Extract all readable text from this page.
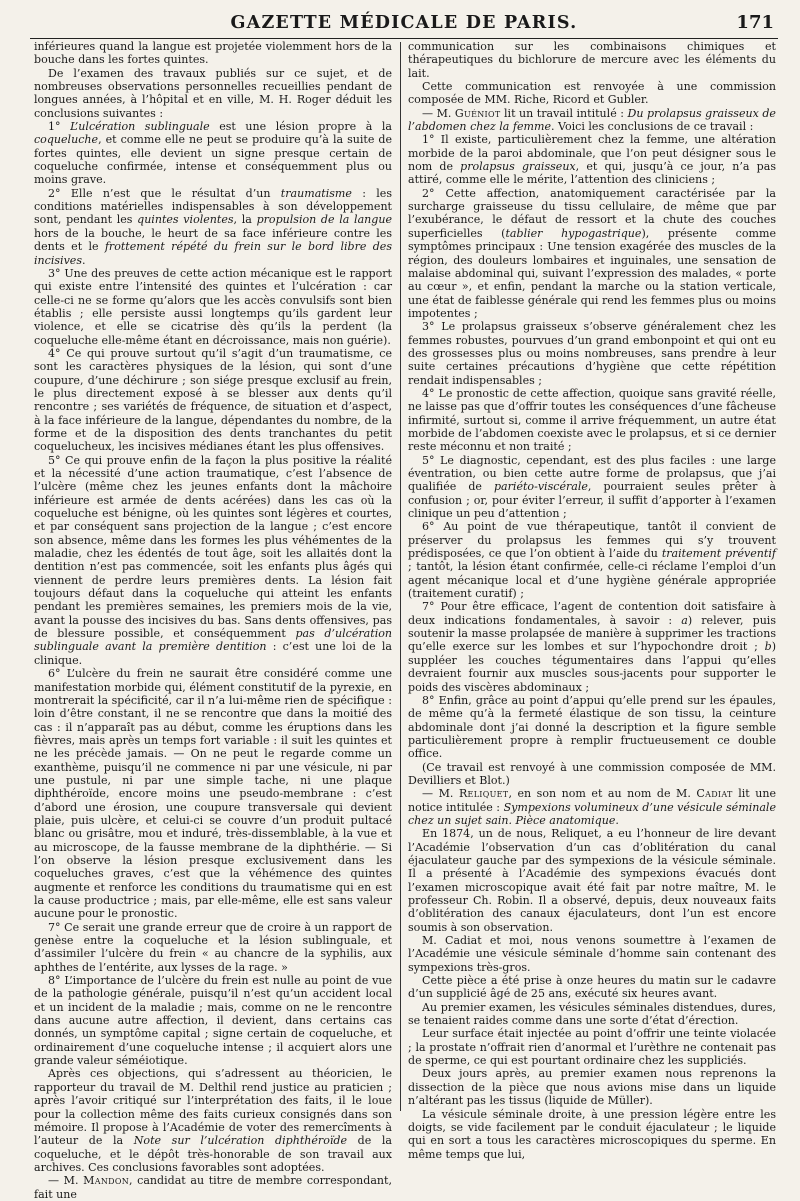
GAZETTE MÉDICALE DE PARIS.	171

inférieures quand la langue est projetée violemment hors de la bouche dans les fortes quintes.

De l’examen des travaux publiés sur ce sujet, et de nombreuses observations personnelles recueillies pendant de longues années, à l’hôpital et en ville, M. H. Roger déduit les conclusions suivantes :

1° L’ulcération sublinguale est une lésion propre à la coqueluche, et comme elle ne peut se produire qu’à la suite de fortes quintes, elle devient un signe presque certain de coqueluche confirmée, intense et conséquemment plus ou moins grave.

2° Elle n’est que le résultat d’un traumatisme : les conditions matérielles indispensables à son développement sont, pendant les quintes violentes, la propulsion de la langue hors de la bouche, le heurt de sa face inférieure contre les dents et le frottement répété du frein sur le bord libre des incisives.

3° Une des preuves de cette action mécanique est le rapport qui existe entre l’intensité des quintes et l’ulcération : car celle-ci ne se forme qu’alors que les accès convulsifs sont bien établis ; elle persiste aussi longtemps qu’ils gardent leur violence, et elle se cicatrise dès qu’ils la perdent (la coqueluche elle-même étant en décroissance, mais non guérie).

4° Ce qui prouve surtout qu’il s’agit d’un traumatisme, ce sont les caractères physiques de la lésion, qui sont d’une coupure, d’une déchirure ; son siége presque exclusif au frein, le plus directement exposé à se blesser aux dents qu’il rencontre ; ses variétés de fréquence, de situation et d’aspect, à la face inférieure de la langue, dépendantes du nombre, de la forme et de la disposition des dents tranchantes du petit coquelucheux, les incisives médianes étant les plus offensives.

5° Ce qui prouve enfin de la façon la plus positive la réalité et la nécessité d’une action traumatique, c’est l’absence de l’ulcère (même chez les jeunes enfants dont la mâchoire inférieure est armée de dents acérées) dans les cas où la coqueluche est bénigne, où les quintes sont légères et courtes, et par conséquent sans projection de la langue ; c’est encore son absence, même dans les formes les plus véhémentes de la maladie, chez les édentés de tout âge, soit les allaités dont la dentition n’est pas commencée, soit les enfants plus âgés qui viennent de perdre leurs premières dents. La lésion fait toujours défaut dans la coqueluche qui atteint les enfants pendant les premières semaines, les premiers mois de la vie, avant la pousse des incisives du bas. Sans dents offensives, pas de blessure possible, et conséquemment pas d’ulcération sublinguale avant la première dentition : c’est une loi de la clinique.

6° L’ulcère du frein ne saurait être considéré comme une manifestation morbide qui, élément constitutif de la pyrexie, en montrerait la spécificité, car il n’a lui-même rien de spécifique : loin d’être constant, il ne se rencontre que dans la moitié des cas : il n’apparaît pas au début, comme les éruptions dans les fièvres, mais après un temps fort variable : il suit les quintes et ne les précède jamais. — On ne peut le regarde comme un exanthème, puisqu’il ne commence ni par une vésicule, ni par une pustule, ni par une simple tache, ni une plaque diphthéroïde, encore moins une pseudo-membrane : c’est d’abord une érosion, une coupure transversale qui devient plaie, puis ulcère, et celui-ci se couvre d’un produit pultacé blanc ou grisâtre, mou et induré, très-dissemblable, à la vue et au microscope, de la fausse membrane de la diphthérie. — Si l’on observe la lésion presque exclusivement dans les coqueluches graves, c’est que la véhémence des quintes augmente et renforce les conditions du traumatisme qui en est la cause productrice ; mais, par elle-même, elle est sans valeur aucune pour le pronostic.

7° Ce serait une grande erreur que de croire à un rapport de genèse entre la coqueluche et la lésion sublinguale, et d’assimiler l’ulcère du frein « au chancre de la syphilis, aux aphthes de l’entérite, aux lysses de la rage. »

8° L’importance de l’ulcère du frein est nulle au point de vue de la pathologie générale, puisqu’il n’est qu’un accident local et un incident de la maladie ; mais, comme on ne le rencontre dans aucune autre affection, il devient, dans certains cas donnés, un symptôme capital ; signe certain de coqueluche, et ordinairement d’une coqueluche intense ; il acquiert alors une grande valeur séméiotique.

Après ces objections, qui s’adressent au théoricien, le rapporteur du travail de M. Delthil rend justice au praticien ; après l’avoir critiqué sur l’interprétation des faits, il le loue pour la collection même des faits curieux consignés dans son mémoire. Il propose à l’Académie de voter des remercîments à l’auteur de la Note sur l’ulcération diphthéroïde de la coqueluche, et le dépôt très-honorable de son travail aux archives. Ces conclusions favorables sont adoptées.

— M. Mandon, candidat au titre de membre correspondant, fait une

communication sur les combinaisons chimiques et thérapeutiques du bichlorure de mercure avec les éléments du lait.

Cette communication est renvoyée à une commission composée de MM. Riche, Ricord et Gubler.

— M. Guéniot lit un travail intitulé : Du prolapsus graisseux de l’abdomen chez la femme. Voici les conclusions de ce travail :

1° Il existe, particulièrement chez la femme, une altération morbide de la paroi abdominale, que l’on peut désigner sous le nom de prolapsus graisseux, et qui, jusqu’à ce jour, n’a pas attiré, comme elle le mérite, l’attention des cliniciens ;

2° Cette affection, anatomiquement caractérisée par la surcharge graisseuse du tissu cellulaire, de même que par l’exubérance, le défaut de ressort et la chute des couches superficielles (tablier hypogastrique), présente comme symptômes principaux : Une tension exagérée des muscles de la région, des douleurs lombaires et inguinales, une sensation de malaise abdominal qui, suivant l’expression des malades, « porte au cœur », et enfin, pendant la marche ou la station verticale, une état de faiblesse générale qui rend les femmes plus ou moins impotentes ;

3° Le prolapsus graisseux s’observe généralement chez les femmes robustes, pourvues d’un grand embonpoint et qui ont eu des grossesses plus ou moins nombreuses, sans prendre à leur suite certaines précautions d’hygiène que cette répétition rendait indispensables ;

4° Le pronostic de cette affection, quoique sans gravité réelle, ne laisse pas que d’offrir toutes les conséquences d’une fâcheuse infirmité, surtout si, comme il arrive fréquemment, un autre état morbide de l’abdomen coexiste avec le prolapsus, et si ce dernier reste méconnu et non traité ;

5° Le diagnostic, cependant, est des plus faciles : une large éventration, ou bien cette autre forme de prolapsus, que j’ai qualifiée de pariéto-viscérale, pourraient seules prêter à confusion ; or, pour éviter l’erreur, il suffit d’apporter à l’examen clinique un peu d’attention ;

6° Au point de vue thérapeutique, tantôt il convient de préserver du prolapsus les femmes qui s’y trouvent prédisposées, ce que l’on obtient à l’aide du traitement préventif ; tantôt, la lésion étant confirmée, celle-ci réclame l’emploi d’un agent mécanique local et d’une hygiène générale appropriée (traitement curatif) ;

7° Pour être efficace, l’agent de contention doit satisfaire à deux indications fondamentales, à savoir : a) relever, puis soutenir la masse prolapsée de manière à supprimer les tractions qu’elle exerce sur les lombes et sur l’hypochondre droit ; b) suppléer les couches tégumentaires dans l’appui qu’elles devraient fournir aux muscles sous-jacents pour supporter le poids des viscères abdominaux ;

8° Enfin, grâce au point d’appui qu’elle prend sur les épaules, de même qu’à la fermeté élastique de son tissu, la ceinture abdominale dont j’ai donné la description et la figure semble particulièrement propre à remplir fructueusement ce double office.

(Ce travail est renvoyé à une commission composée de MM. Devilliers et Blot.)

— M. Reliquet, en son nom et au nom de M. Cadiat lit une notice intitulée : Sympexions volumineux d’une vésicule séminale chez un sujet sain. Pièce anatomique.

En 1874, un de nous, Reliquet, a eu l’honneur de lire devant l’Académie l’observation d’un cas d’oblitération du canal éjaculateur gauche par des sympexions de la vésicule séminale. Il a présenté à l’Académie des sympexions évacués dont l’examen microscopique avait été fait par notre maître, M. le professeur Ch. Robin. Il a observé, depuis, deux nouveaux faits d’oblitération des canaux éjaculateurs, dont l’un est encore soumis à son observation.

M. Cadiat et moi, nous venons soumettre à l’examen de l’Académie une vésicule séminale d’homme sain contenant des sympexions très-gros.

Cette pièce a été prise à onze heures du matin sur le cadavre d’un supplicié âgé de 25 ans, exécuté six heures avant.

Au premier examen, les vésicules séminales distendues, dures, se tenaient raides comme dans une sorte d’état d’érection.

Leur surface était injectée au point d’offrir une teinte violacée ; la prostate n’offrait rien d’anormal et l’urèthre ne contenait pas de sperme, ce qui est pourtant ordinaire chez les suppliciés.

Deux jours après, au premier examen nous reprenons la dissection de la pièce que nous avions mise dans un liquide n’altérant pas les tissus (liquide de Müller).

La vésicule séminale droite, à une pression légère entre les doigts, se vide facilement par le conduit éjaculateur ; le liquide qui en sort a tous les caractères microscopiques du sperme. En même temps que lui,
